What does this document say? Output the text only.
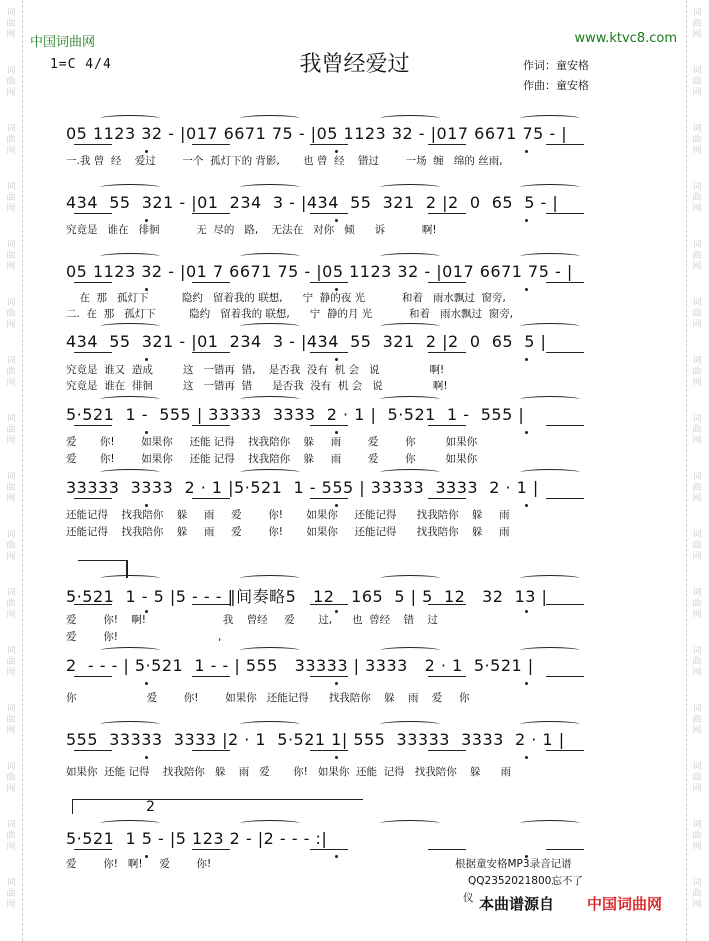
词
曲
网
词
曲
网
词
曲
网
词
曲
网
词
曲
网
词
曲
网
词
曲
网
词
曲
网
词
曲
网
词
曲
网
词
曲
网
词
曲
网
词
曲
网
词
曲
网
词
曲
网
词
曲
网
词
曲
网
词
曲
网
词
曲
网
词
曲
网
词
曲
网
词
曲
网
词
曲
网
词
曲
网
词
曲
网
词
曲
网
词
曲
网
词
曲
网
词
曲
网
词
曲
网
词
曲
网
词
曲
网
中国词曲网	www.ktvc8.com
我曾经爱过
1=C 4/4	作词：童安格
作曲：童安格
05 1123 32 - |017 6671 75 - |05 1123 32 - |017 6671 75 - |
一.我 曾  经    爱过        一个  孤灯下的 背影,       也 曾  经    错过        一场  缠   绵的 丝雨,
434  55  321 - |01  234  3 - |434  55  321  2 |2  0  65  5 - |
究竟是   谁在   徘徊           无  尽的   路,    无法在   对你   倾      诉           啊!
05 1123 32 - |01 7 6671 75 - |05 1123 32 - |017 6671 75 - |
在  那   孤灯下          隐约   留着我的 联想,      宁  静的夜 光           和着   雨水飘过  窗旁,
二.  在  那   孤灯下          隐约   留着我的 联想,      宁  静的月 光           和着   雨水飘过  窗旁,
434  55  321 - |01  234  3 - |434  55  321  2 |2  0  65  5 |
究竟是  谁又  造成         这   一错再  错,    是否我  没有  机 会   说               啊!
究竟是  谁在  徘徊         这   一错再  错      是否我  没有  机 会   说               啊!
5·521  1 -  555 | 33333  3333  2 · 1 |  5·521  1 -  555 |
爱       你!        如果你     还能 记得    找我陪你    躲     雨        爱        你         如果你
爱       你!        如果你     还能 记得    找我陪你    躲     雨        爱        你         如果你
33333  3333  2 · 1 |5·521  1 - 555 | 33333  3333  2 · 1 |
还能记得    找我陪你    躲     雨     爱        你!       如果你     还能记得      找我陪你    躲     雨
还能记得    找我陪你    躲     雨     爱        你!       如果你     还能记得      找我陪你    躲     雨
5·521  1 - 5 |5 - - - ‖间奏略5   12   165  5 | 5  12   32  13 |
爱        你!    啊!                       我    曾经     爱       过,      也  曾经    错    过
爱        你!                              ,
2  - - - | 5·521  1 - - | 555   33333 | 3333   2 · 1  5·521 |
你                     爱        你!        如果你   还能记得      找我陪你    躲    雨    爱     你
555  33333  3333 |2 · 1  5·521 1| 555  33333  3333  2 · 1 |
如果你  还能 记得    找我陪你   躲    雨   爱       你!   如果你  还能  记得   找我陪你    躲      雨
5·521  1 5 - |5 123 2 - |2 - - - :|
爱        你!   啊!     爱        你!
2
根据童安格MP3录音记谱
QQ2352021800忘不了
仪 本曲谱源自 中国词曲网
